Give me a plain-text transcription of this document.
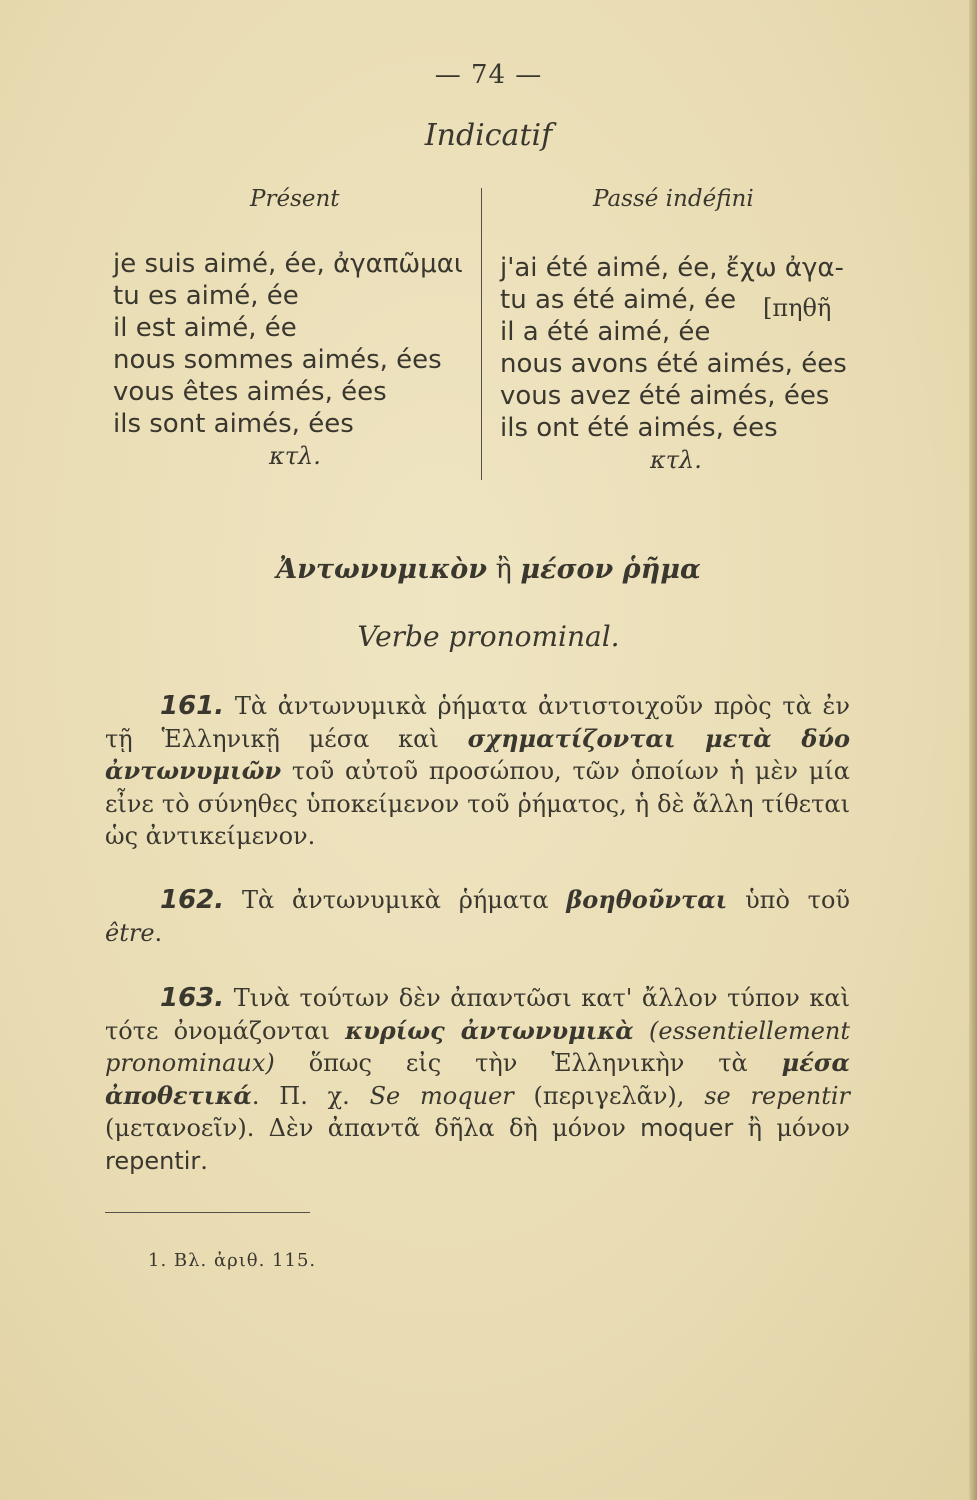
— 74 —
Indicatif
Présent	Passé indéfini
je suis aimé, ée, ἀγαπῶμαι
tu es aimé, ée
il est aimé, ée
nous sommes aimés, ées
vous êtes aimés, ées
ils sont aimés, ées
κτλ.
j'ai été aimé, ée, ἔχω ἀγα-
tu as été aimé, ée
il a été aimé, ée
nous avons été aimés, ées
vous avez été aimés, ées
ils ont été aimés, ées
κτλ.
[πηθῆ
Ἀντωνυμικὸν ἢ μέσον ῥῆμα
Verbe pronominal.
161. Τὰ ἀντωνυμικὰ ῥήματα ἀντιστοιχοῦν πρὸς τὰ ἐν τῇ Ἑλληνικῇ μέσα καὶ σχηματίζονται μετὰ δύο ἀντωνυμιῶν τοῦ αὐτοῦ προσώπου, τῶν ὁποίων ἡ μὲν μία εἶνε τὸ σύνηθες ὑποκείμενον τοῦ ῥήματος, ἡ δὲ ἄλλη τίθεται ὡς ἀντικείμενον.
162. Τὰ ἀντωνυμικὰ ῥήματα βοηθοῦνται ὑπὸ τοῦ être.
163. Τινὰ τούτων δὲν ἀπαντῶσι κατ' ἄλλον τύπον καὶ τότε ὀνομάζονται κυρίως ἀντωνυμικὰ (essentiellement pronominaux) ὅπως εἰς τὴν Ἑλληνικὴν τὰ μέσα ἀποθετικά. Π. χ. Se moquer (περιγελᾶν), se repentir (μετανοεῖν). Δὲν ἀπαντᾶ δῆλα δὴ μόνον moquer ἢ μόνον repentir.
1. Βλ. ἀριθ. 115.
